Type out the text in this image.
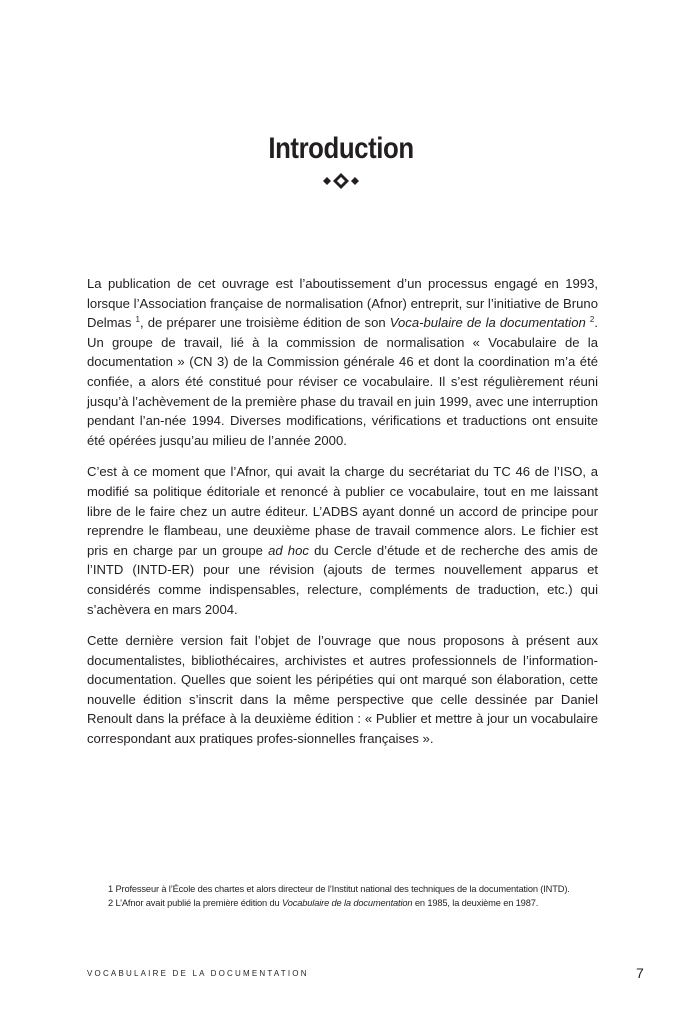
Introduction

La publication de cet ouvrage est l’aboutissement d’un processus engagé en 1993, lorsque l’Association française de normalisation (Afnor) entreprit, sur l’initiative de Bruno Delmas $^1$, de préparer une troisième édition de son Voca-bulaire de la documentation $^2$. Un groupe de travail, lié à la commission de normalisation « Vocabulaire de la documentation » (CN 3) de la Commission générale 46 et dont la coordination m’a été confiée, a alors été constitué pour réviser ce vocabulaire. Il s’est régulièrement réuni jusqu’à l’achèvement de la première phase du travail en juin 1999, avec une interruption pendant l’an-née 1994. Diverses modifications, vérifications et traductions ont ensuite été opérées jusqu’au milieu de l’année 2000.

C’est à ce moment que l’Afnor, qui avait la charge du secrétariat du TC 46 de l’ISO, a modifié sa politique éditoriale et renoncé à publier ce vocabulaire, tout en me laissant libre de le faire chez un autre éditeur. L’ADBS ayant donné un accord de principe pour reprendre le flambeau, une deuxième phase de travail commence alors. Le fichier est pris en charge par un groupe ad hoc du Cercle d’étude et de recherche des amis de l’INTD (INTD-ER) pour une révision (ajouts de termes nouvellement apparus et considérés comme indispensables, relecture, compléments de traduction, etc.) qui s’achèvera en mars 2004.

Cette dernière version fait l’objet de l’ouvrage que nous proposons à présent aux documentalistes, bibliothécaires, archivistes et autres professionnels de l’information-documentation. Quelles que soient les péripéties qui ont marqué son élaboration, cette nouvelle édition s’inscrit dans la même perspective que celle dessinée par Daniel Renoult dans la préface à la deuxième édition : « Publier et mettre à jour un vocabulaire correspondant aux pratiques profes-sionnelles françaises ».

1 Professeur à l’École des chartes et alors directeur de l’Institut national des techniques de la documentation (INTD).

2 L’Afnor avait publié la première édition du Vocabulaire de la documentation en 1985, la deuxième en 1987.

VOCABULAIRE DE LA DOCUMENTATION	7
